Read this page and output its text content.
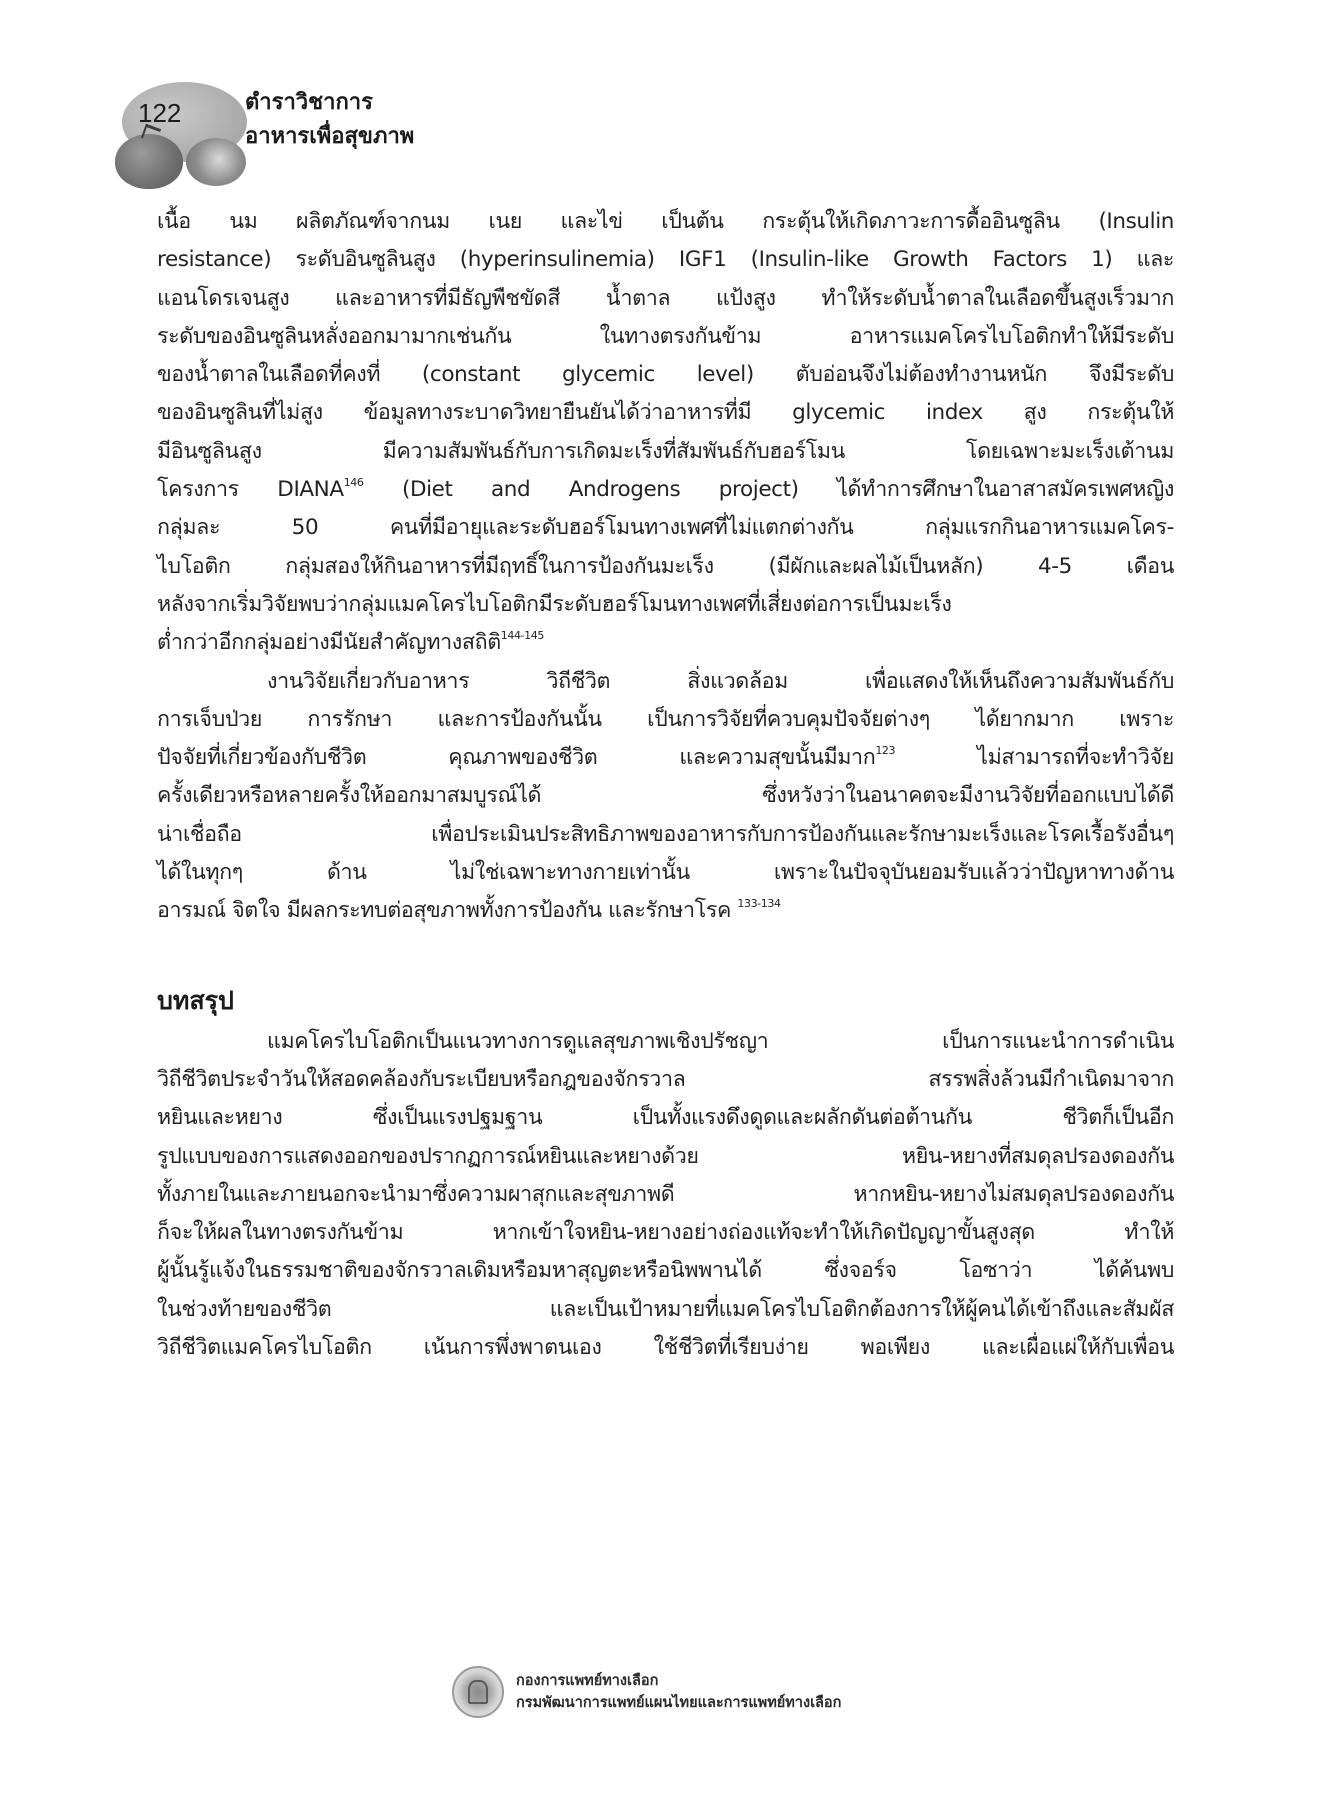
122	ตำราวิชาการ
อาหารเพื่อสุขภาพ
เนื้อ นม ผลิตภัณฑ์จากนม เนย และไข่ เป็นต้น กระตุ้นให้เกิดภาวะการดื้ออินซูลิน (Insulin
resistance) ระดับอินซูลินสูง (hyperinsulinemia) IGF1 (Insulin-like Growth Factors 1) และ
แอนโดรเจนสูง และอาหารที่มีธัญพืชขัดสี น้ำตาล แป้งสูง ทำให้ระดับน้ำตาลในเลือดขึ้นสูงเร็วมาก
ระดับของอินซูลินหลั่งออกมามากเช่นกัน ในทางตรงกันข้าม อาหารแมคโครไบโอติกทำให้มีระดับ
ของน้ำตาลในเลือดที่คงที่ (constant glycemic level) ตับอ่อนจึงไม่ต้องทำงานหนัก จึงมีระดับ
ของอินซูลินที่ไม่สูง ข้อมูลทางระบาดวิทยายืนยันได้ว่าอาหารที่มี glycemic index สูง กระตุ้นให้
มีอินซูลินสูง มีความสัมพันธ์กับการเกิดมะเร็งที่สัมพันธ์กับฮอร์โมน โดยเฉพาะมะเร็งเต้านม
โครงการ DIANA$^{146}$ (Diet and Androgens project) ได้ทำการศึกษาในอาสาสมัครเพศหญิง
กลุ่มละ 50 คนที่มีอายุและระดับฮอร์โมนทางเพศที่ไม่แตกต่างกัน กลุ่มแรกกินอาหารแมคโคร-
ไบโอติก กลุ่มสองให้กินอาหารที่มีฤทธิ์ในการป้องกันมะเร็ง (มีผักและผลไม้เป็นหลัก) 4-5 เดือน
หลังจากเริ่มวิจัยพบว่ากลุ่มแมคโครไบโอติกมีระดับฮอร์โมนทางเพศที่เสี่ยงต่อการเป็นมะเร็ง
ต่ำกว่าอีกกลุ่มอย่างมีนัยสำคัญทางสถิติ$^{144-145}$
งานวิจัยเกี่ยวกับอาหาร วิถีชีวิต สิ่งแวดล้อม เพื่อแสดงให้เห็นถึงความสัมพันธ์กับ
การเจ็บป่วย การรักษา และการป้องกันนั้น เป็นการวิจัยที่ควบคุมปัจจัยต่างๆ ได้ยากมาก เพราะ
ปัจจัยที่เกี่ยวข้องกับชีวิต คุณภาพของชีวิต และความสุขนั้นมีมาก$^{123}$ ไม่สามารถที่จะทำวิจัย
ครั้งเดียวหรือหลายครั้งให้ออกมาสมบูรณ์ได้ ซึ่งหวังว่าในอนาคตจะมีงานวิจัยที่ออกแบบได้ดี
น่าเชื่อถือ เพื่อประเมินประสิทธิภาพของอาหารกับการป้องกันและรักษามะเร็งและโรคเรื้อรังอื่นๆ
ได้ในทุกๆ ด้าน ไม่ใช่เฉพาะทางกายเท่านั้น เพราะในปัจจุบันยอมรับแล้วว่าปัญหาทางด้าน
อารมณ์ จิตใจ มีผลกระทบต่อสุขภาพทั้งการป้องกัน และรักษาโรค $^{133-134}$
บทสรุป
แมคโครไบโอติกเป็นแนวทางการดูแลสุขภาพเชิงปรัชญา เป็นการแนะนำการดำเนิน
วิถีชีวิตประจำวันให้สอดคล้องกับระเบียบหรือกฎของจักรวาล สรรพสิ่งล้วนมีกำเนิดมาจาก
หยินและหยาง ซึ่งเป็นแรงปฐมฐาน เป็นทั้งแรงดึงดูดและผลักดันต่อต้านกัน ชีวิตก็เป็นอีก
รูปแบบของการแสดงออกของปรากฏการณ์หยินและหยางด้วย หยิน-หยางที่สมดุลปรองดองกัน
ทั้งภายในและภายนอกจะนำมาซึ่งความผาสุกและสุขภาพดี หากหยิน-หยางไม่สมดุลปรองดองกัน
ก็จะให้ผลในทางตรงกันข้าม หากเข้าใจหยิน-หยางอย่างถ่องแท้จะทำให้เกิดปัญญาขั้นสูงสุด ทำให้
ผู้นั้นรู้แจ้งในธรรมชาติของจักรวาลเดิมหรือมหาสุญตะหรือนิพพานได้ ซึ่งจอร์จ โอซาว่า ได้ค้นพบ
ในช่วงท้ายของชีวิต และเป็นเป้าหมายที่แมคโครไบโอติกต้องการให้ผู้คนได้เข้าถึงและสัมผัส
วิถีชีวิตแมคโครไบโอติก เน้นการพึ่งพาตนเอง ใช้ชีวิตที่เรียบง่าย พอเพียง และเผื่อแผ่ให้กับเพื่อน
กองการแพทย์ทางเลือก
กรมพัฒนาการแพทย์แผนไทยและการแพทย์ทางเลือก
